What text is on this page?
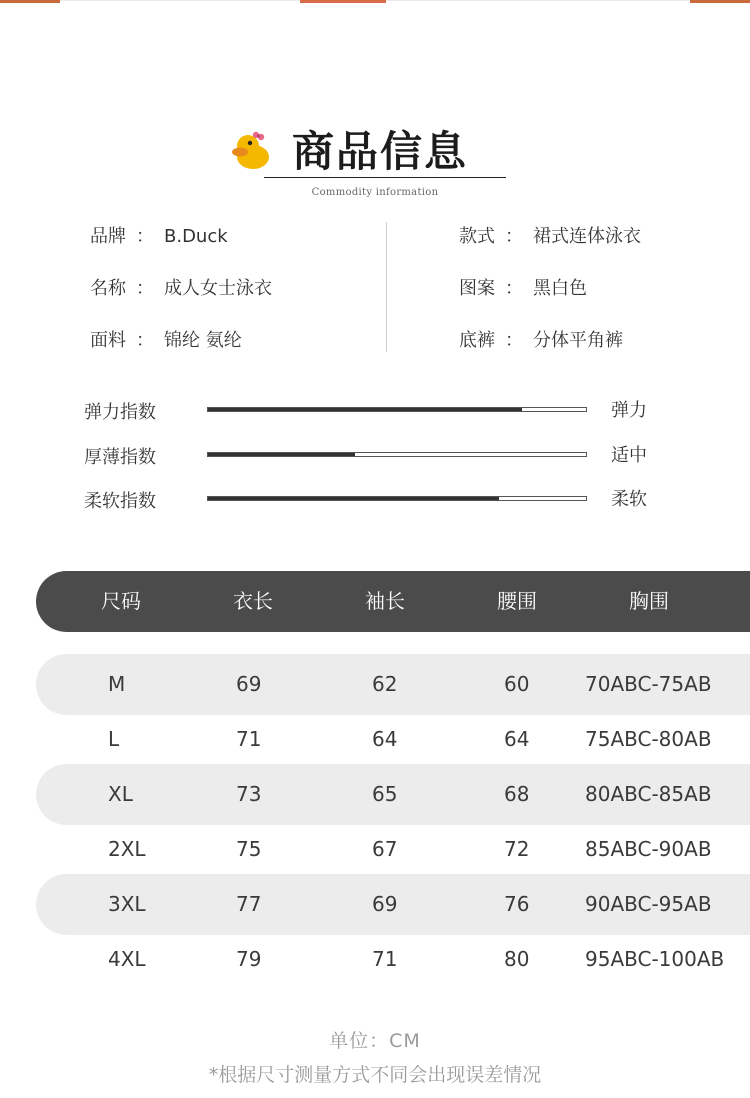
商品信息
Commodity information
品牌 ： B.Duck
名称 ： 成人女士泳衣
面料 ： 锦纶 氨纶
款式 ： 裙式连体泳衣
图案 ： 黑白色
底裤 ： 分体平角裤
弹力指数	弹力
厚薄指数	适中
柔软指数	柔软
尺码	衣长	袖长	腰围	胸围
M	69	62	60	70ABC-75AB
L	71	64	64	75ABC-80AB
XL	73	65	68	80ABC-85AB
2XL	75	67	72	85ABC-90AB
3XL	77	69	76	90ABC-95AB
4XL	79	71	80	95ABC-100AB
单位：CM
*根据尺寸测量方式不同会出现误差情况
